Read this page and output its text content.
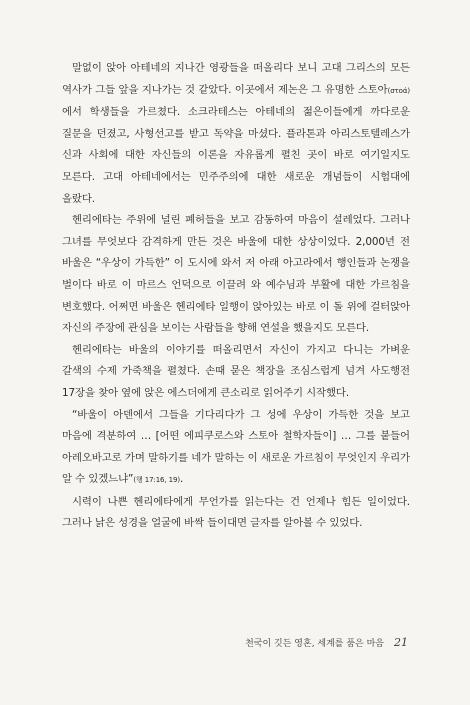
말없이 앉아 아테네의 지나간 영광들을 떠올리다 보니 고대 그리스의 모든 역사가 그들 앞을 지나가는 것 같았다. 이곳에서 제논은 그 유명한 스토아(στοά)에서 학생들을 가르쳤다. 소크라테스는 아테네의 젊은이들에게 까다로운 질문을 던졌고, 사형선고를 받고 독약을 마셨다. 플라톤과 아리스토텔레스가 신과 사회에 대한 자신들의 이론을 자유롭게 펼친 곳이 바로 여기일지도 모른다. 고대 아테네에서는 민주주의에 대한 새로운 개념들이 시험대에 올랐다.

헨리에타는 주위에 널린 폐허들을 보고 감동하여 마음이 설레었다. 그러나 그녀를 무엇보다 감격하게 만든 것은 바울에 대한 상상이었다. 2,000년 전 바울은 “우상이 가득한” 이 도시에 와서 저 아래 아고라에서 행인들과 논쟁을 벌이다 바로 이 마르스 언덕으로 이끌려 와 예수님과 부활에 대한 가르침을 변호했다. 어쩌면 바울은 헨리에타 일행이 앉아있는 바로 이 돌 위에 걸터앉아 자신의 주장에 관심을 보이는 사람들을 향해 연설을 했을지도 모른다.

헨리에타는 바울의 이야기를 떠올리면서 자신이 가지고 다니는 가벼운 갈색의 수제 가죽책을 펼쳤다. 손때 묻은 책장을 조심스럽게 넘겨 사도행전 17장을 찾아 옆에 앉은 에스더에게 큰소리로 읽어주기 시작했다.

“바울이 아덴에서 그들을 기다리다가 그 성에 우상이 가득한 것을 보고 마음에 격분하여 … [어떤 에피쿠로스와 스토아 철학자들이] … 그를 붙들어 아레오바고로 가며 말하기를 네가 말하는 이 새로운 가르침이 무엇인지 우리가 알 수 있겠느냐”(행 17:16, 19).

시력이 나쁜 헨리에타에게 무언가를 읽는다는 건 언제나 힘든 일이었다. 그러나 낡은 성경을 얼굴에 바싹 들이대면 글자를 알아볼 수 있었다.

천국이 깃든 영혼, 세계를 품은 마음 21
